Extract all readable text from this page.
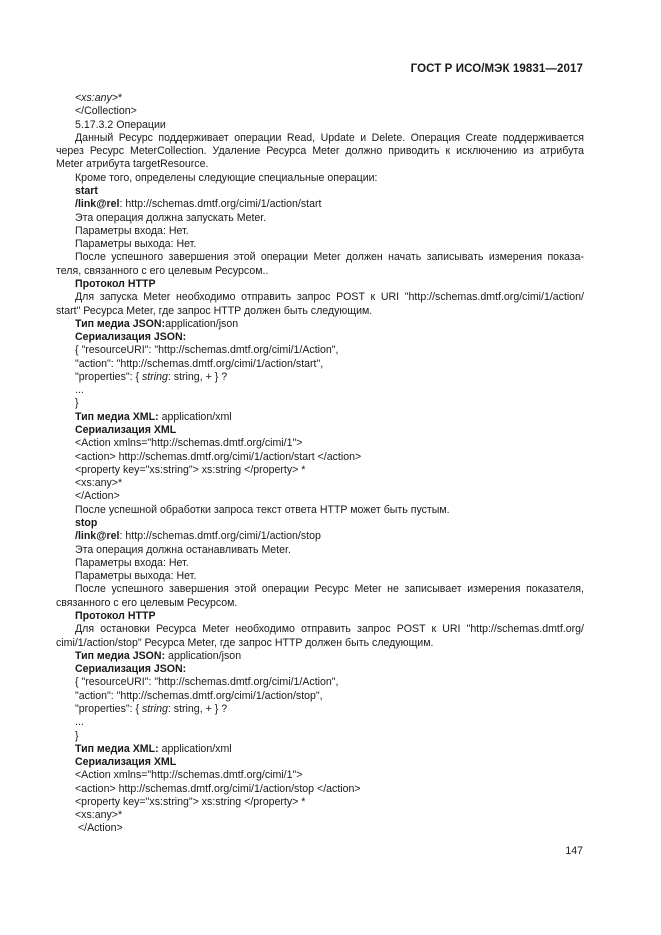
ГОСТ Р ИСО/МЭК 19831—2017
<xs:any>*
</Collection>
5.17.3.2 Операции
Данный Ресурс поддерживает операции Read, Update и Delete. Операция Create поддерживается
через Ресурс MeterCollection. Удаление Ресурса Meter должно приводить к исключению из атрибута
Meter атрибута targetResource.
Кроме того, определены следующие специальные операции:
start
/link@rel: http://schemas.dmtf.org/cimi/1/action/start
Эта операция должна запускать Meter.
Параметры входа: Нет.
Параметры выхода: Нет.
После успешного завершения этой операции Meter должен начать записывать измерения показа-
теля, связанного с его целевым Ресурсом..
Протокол HTTP
Для запуска Meter необходимо отправить запрос POST к URI "http://schemas.dmtf.org/cimi/1/action/
start" Ресурса Meter, где запрос HTTP должен быть следующим.
Тип медиа JSON:application/json
Сериализация JSON:
{ "resourceURI": "http://schemas.dmtf.org/cimi/1/Action",
"action": "http://schemas.dmtf.org/cimi/1/action/start",
"properties": { string: string, + } ?
...
}
Тип медиа XML: application/xml
Сериализация XML
<Action xmlns="http://schemas.dmtf.org/cimi/1">
<action> http://schemas.dmtf.org/cimi/1/action/start </action>
<property key="xs:string"> xs:string </property> *
<xs:any>*
</Action>
После успешной обработки запроса текст ответа HTTP может быть пустым.
stop
/link@rel: http://schemas.dmtf.org/cimi/1/action/stop
Эта операция должна останавливать Meter.
Параметры входа: Нет.
Параметры выхода: Нет.
После успешного завершения этой операции Ресурс Meter не записывает измерения показателя,
связанного с его целевым Ресурсом.
Протокол HTTP
Для остановки Ресурса Meter необходимо отправить запрос POST к URI "http://schemas.dmtf.org/
cimi/1/action/stop" Ресурса Meter, где запрос HTTP должен быть следующим.
Тип медиа JSON: application/json
Сериализация JSON:
{ "resourceURI": "http://schemas.dmtf.org/cimi/1/Action",
"action": "http://schemas.dmtf.org/cimi/1/action/stop",
"properties": { string: string, + } ?
...
}
Тип медиа XML: application/xml
Сериализация XML
<Action xmlns="http://schemas.dmtf.org/cimi/1">
<action> http://schemas.dmtf.org/cimi/1/action/stop </action>
<property key="xs:string"> xs:string </property> *
<xs:any>*
</Action>
147
